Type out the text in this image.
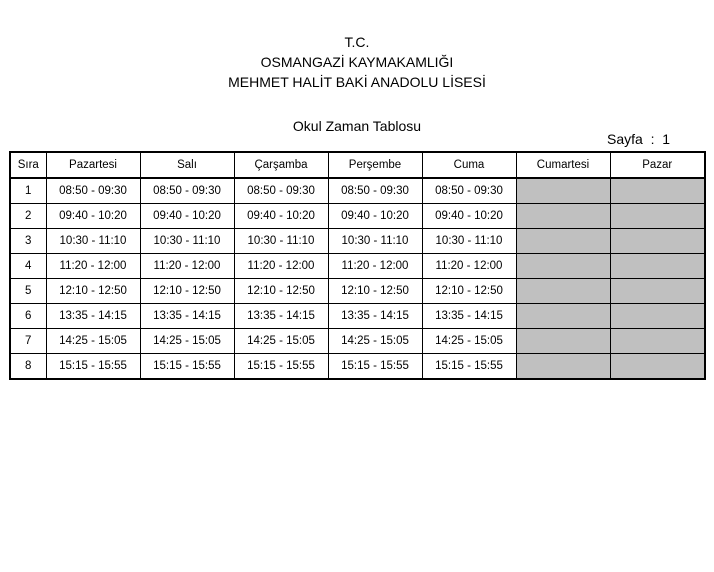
T.C.

OSMANGAZİ KAYMAKAMLIĞI

MEHMET HALİT BAKİ ANADOLU LİSESİ

Okul Zaman Tablosu

Sayfa  :  1
Sıra	Pazartesi	Salı	Çarşamba	Perşembe	Cuma	Cumartesi	Pazar
1	08:50 - 09:30	08:50 - 09:30	08:50 - 09:30	08:50 - 09:30	08:50 - 09:30		
2	09:40 - 10:20	09:40 - 10:20	09:40 - 10:20	09:40 - 10:20	09:40 - 10:20		
3	10:30 - 11:10	10:30 - 11:10	10:30 - 11:10	10:30 - 11:10	10:30 - 11:10		
4	11:20 - 12:00	11:20 - 12:00	11:20 - 12:00	11:20 - 12:00	11:20 - 12:00		
5	12:10 - 12:50	12:10 - 12:50	12:10 - 12:50	12:10 - 12:50	12:10 - 12:50		
6	13:35 - 14:15	13:35 - 14:15	13:35 - 14:15	13:35 - 14:15	13:35 - 14:15		
7	14:25 - 15:05	14:25 - 15:05	14:25 - 15:05	14:25 - 15:05	14:25 - 15:05		
8	15:15 - 15:55	15:15 - 15:55	15:15 - 15:55	15:15 - 15:55	15:15 - 15:55		
